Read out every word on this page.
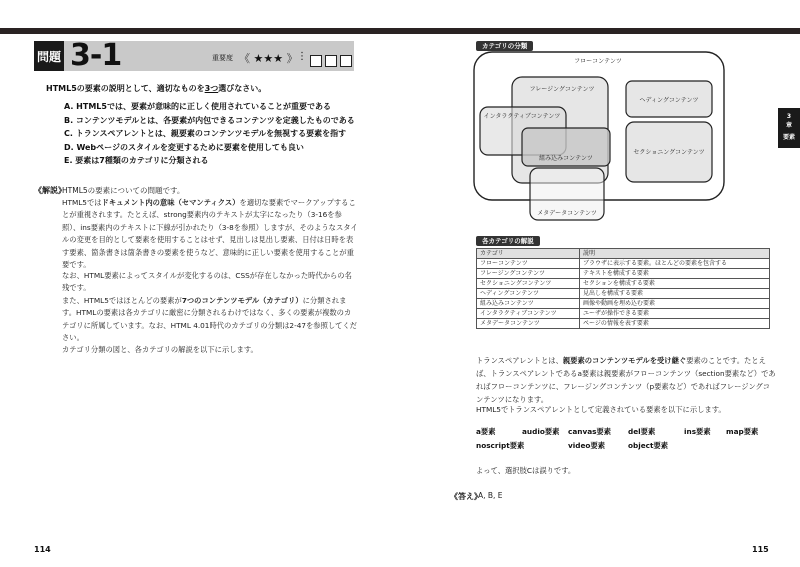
問題 3-1	重要度 《 ★★★ 》 ⋮
HTML5の要素の説明として、適切なものを3つ選びなさい。
A. HTML5では、要素が意味的に正しく使用されていることが重要である
B. コンテンツモデルとは、各要素が内包できるコンテンツを定義したものである
C. トランスペアレントとは、親要素のコンテンツモデルを無視する要素を指す
D. Webページのスタイルを変更するために要素を使用しても良い
E. 要素は7種類のカテゴリに分類される
《解説》
HTML5の要素についての問題です。

HTML5ではドキュメント内の意味（セマンティクス）を適切な要素でマークアップすることが重視されます。たとえば、strong要素内のテキストが太字になったり（3-16を参照）、ins要素内のテキストに下線が引かれたり（3-8を参照）しますが、そのようなスタイルの変更を目的として要素を使用することはせず、見出しは見出し要素、日付は日時を表す要素、箇条書きは箇条書きの要素を使うなど、意味的に正しい要素を使用することが重要です。

なお、HTML要素によってスタイルが変化するのは、CSSが存在しなかった時代からの名残です。

また、HTML5ではほとんどの要素が7つのコンテンツモデル（カテゴリ）に分類されます。HTMLの要素は各カテゴリに厳密に分類されるわけではなく、多くの要素が複数のカテゴリに所属しています。なお、HTML 4.01時代のカテゴリの分類は2-47を参照してください。

カテゴリ分類の図と、各カテゴリの解説を以下に示します。

114
カテゴリの分類
フローコンテンツ
フレージングコンテンツ
ヘディングコンテンツ
インタラクティブコンテンツ
組み込みコンテンツ
セクショニングコンテンツ
メタデータコンテンツ
3
章
要素
各カテゴリの解説
カテゴリ	説明
フローコンテンツ	ブラウザに表示する要素。ほとんどの要素を包含する
フレージングコンテンツ	テキストを構成する要素
セクショニングコンテンツ	セクションを構成する要素
ヘディングコンテンツ	見出しを構成する要素
組み込みコンテンツ	画像や動画を埋め込む要素
インタラクティブコンテンツ	ユーザが操作できる要素
メタデータコンテンツ	ページの情報を表す要素

トランスペアレントとは、親要素のコンテンツモデルを受け継ぐ要素のことです。たとえば、トランスペアレントであるa要素は親要素がフローコンテンツ（section要素など）であればフローコンテンツに、フレージングコンテンツ（p要素など）であればフレージングコンテンツになります。

HTML5でトランスペアレントとして定義されている要素を以下に示します。

a要素	audio要素 canvas要素 del要素	ins要素 map要素
noscript要素	video要素	object要素

よって、選択肢Cは誤りです。

《答え》
A, B, E
115
